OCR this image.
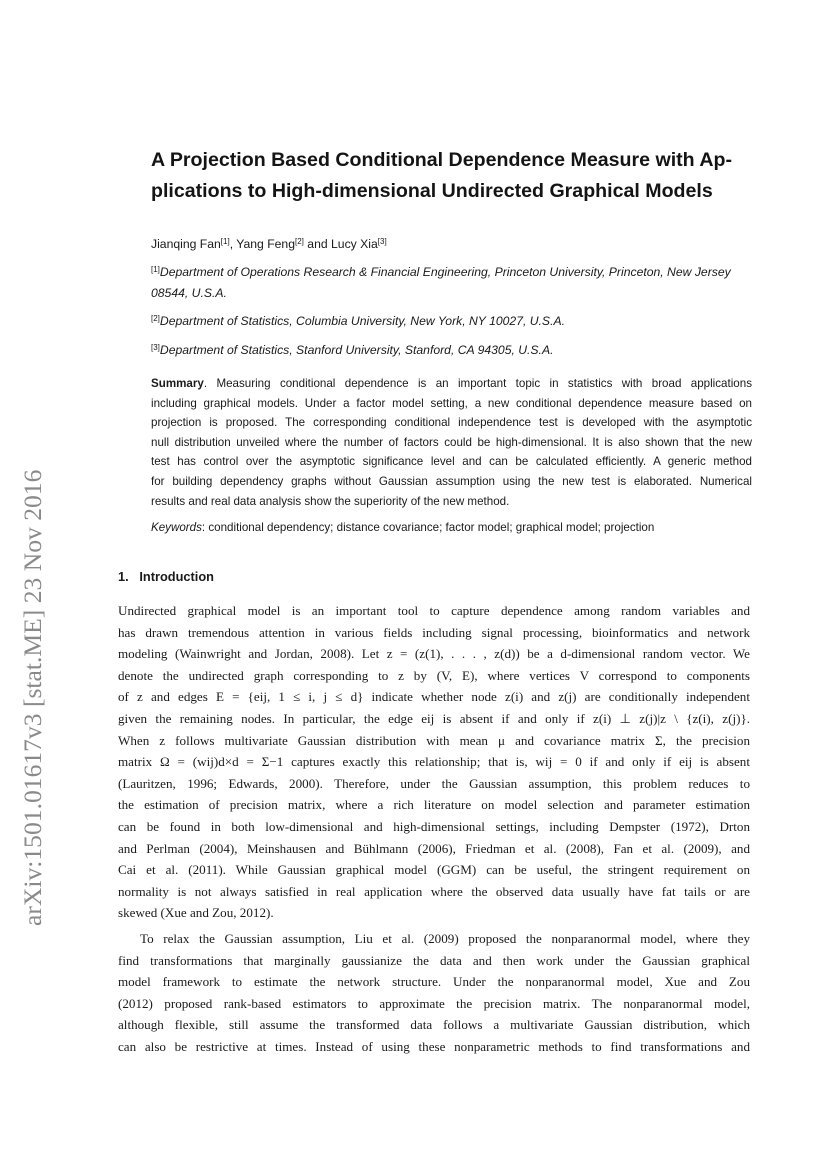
arXiv:1501.01617v3 [stat.ME] 23 Nov 2016
A Projection Based Conditional Dependence Measure with Ap-
plications to High-dimensional Undirected Graphical Models
Jianqing Fan[1], Yang Feng[2] and Lucy Xia[3]
[1]Department of Operations Research & Financial Engineering, Princeton University, Princeton, New Jersey
08544, U.S.A.
[2]Department of Statistics, Columbia University, New York, NY 10027, U.S.A.
[3]Department of Statistics, Stanford University, Stanford, CA 94305, U.S.A.
Summary. Measuring conditional dependence is an important topic in statistics with broad applications
including graphical models. Under a factor model setting, a new conditional dependence measure based on
projection is proposed. The corresponding conditional independence test is developed with the asymptotic
null distribution unveiled where the number of factors could be high-dimensional. It is also shown that the new
test has control over the asymptotic significance level and can be calculated efficiently. A generic method
for building dependency graphs without Gaussian assumption using the new test is elaborated. Numerical
results and real data analysis show the superiority of the new method.
Keywords: conditional dependency; distance covariance; factor model; graphical model; projection
1. Introduction
Undirected graphical model is an important tool to capture dependence among random variables and
has drawn tremendous attention in various fields including signal processing, bioinformatics and network
modeling (Wainwright and Jordan, 2008). Let z = (z(1), . . . , z(d)) be a d-dimensional random vector. We
denote the undirected graph corresponding to z by (V, E), where vertices V correspond to components
of z and edges E = {eij, 1 ≤ i, j ≤ d} indicate whether node z(i) and z(j) are conditionally independent
given the remaining nodes. In particular, the edge eij is absent if and only if z(i) ⊥ z(j)|z \ {z(i), z(j)}.
When z follows multivariate Gaussian distribution with mean μ and covariance matrix Σ, the precision
matrix Ω = (wij)d×d = Σ−1 captures exactly this relationship; that is, wij = 0 if and only if eij is absent
(Lauritzen, 1996; Edwards, 2000). Therefore, under the Gaussian assumption, this problem reduces to
the estimation of precision matrix, where a rich literature on model selection and parameter estimation
can be found in both low-dimensional and high-dimensional settings, including Dempster (1972), Drton
and Perlman (2004), Meinshausen and Bühlmann (2006), Friedman et al. (2008), Fan et al. (2009), and
Cai et al. (2011). While Gaussian graphical model (GGM) can be useful, the stringent requirement on
normality is not always satisfied in real application where the observed data usually have fat tails or are
skewed (Xue and Zou, 2012).
To relax the Gaussian assumption, Liu et al. (2009) proposed the nonparanormal model, where they
find transformations that marginally gaussianize the data and then work under the Gaussian graphical
model framework to estimate the network structure. Under the nonparanormal model, Xue and Zou
(2012) proposed rank-based estimators to approximate the precision matrix. The nonparanormal model,
although flexible, still assume the transformed data follows a multivariate Gaussian distribution, which
can also be restrictive at times. Instead of using these nonparametric methods to find transformations and
